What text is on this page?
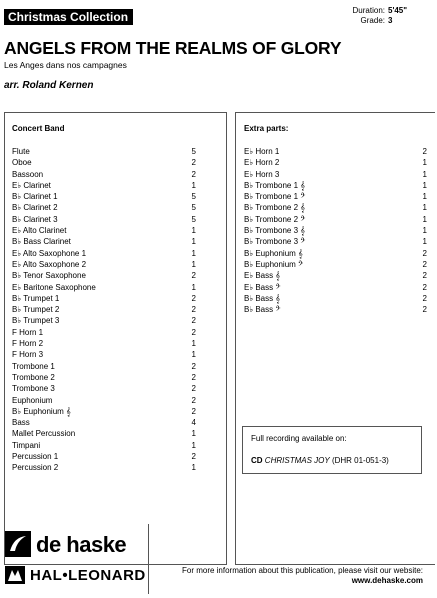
Christmas Collection	Duration: 5'45"
Grade: 3
ANGELS FROM THE REALMS OF GLORY
Les Anges dans nos campagnes
arr. Roland Kernen
Concert Band
Flute	5
Oboe	2
Bassoon	2
E♭ Clarinet	1
B♭ Clarinet 1	5
B♭ Clarinet 2	5
B♭ Clarinet 3	5
E♭ Alto Clarinet	1
B♭ Bass Clarinet	1
E♭ Alto Saxophone 1	1
E♭ Alto Saxophone 2	1
B♭ Tenor Saxophone	2
E♭ Baritone Saxophone	1
B♭ Trumpet 1	2
B♭ Trumpet 2	2
B♭ Trumpet 3	2
F Horn 1	2
F Horn 2	1
F Horn 3	1
Trombone 1	2
Trombone 2	2
Trombone 3	2
Euphonium	2
B♭ Euphonium 𝄞	2
Bass	4
Mallet Percussion	1
Timpani	1
Percussion 1	2
Percussion 2	1
Extra parts:
E♭ Horn 1	2
E♭ Horn 2	1
E♭ Horn 3	1
B♭ Trombone 1 𝄞	1
B♭ Trombone 1 𝄢	1
B♭ Trombone 2 𝄞	1
B♭ Trombone 2 𝄢	1
B♭ Trombone 3 𝄞	1
B♭ Trombone 3 𝄢	1
B♭ Euphonium 𝄞	2
B♭ Euphonium 𝄢	2
E♭ Bass 𝄞	2
E♭ Bass 𝄢	2
B♭ Bass 𝄞	2
B♭ Bass 𝄢	2
Full recording available on:
CD CHRISTMAS JOY (DHR 01-051-3)
de haske
HAL•LEONARD	For more information about this publication, please visit our website:
www.dehaske.com
